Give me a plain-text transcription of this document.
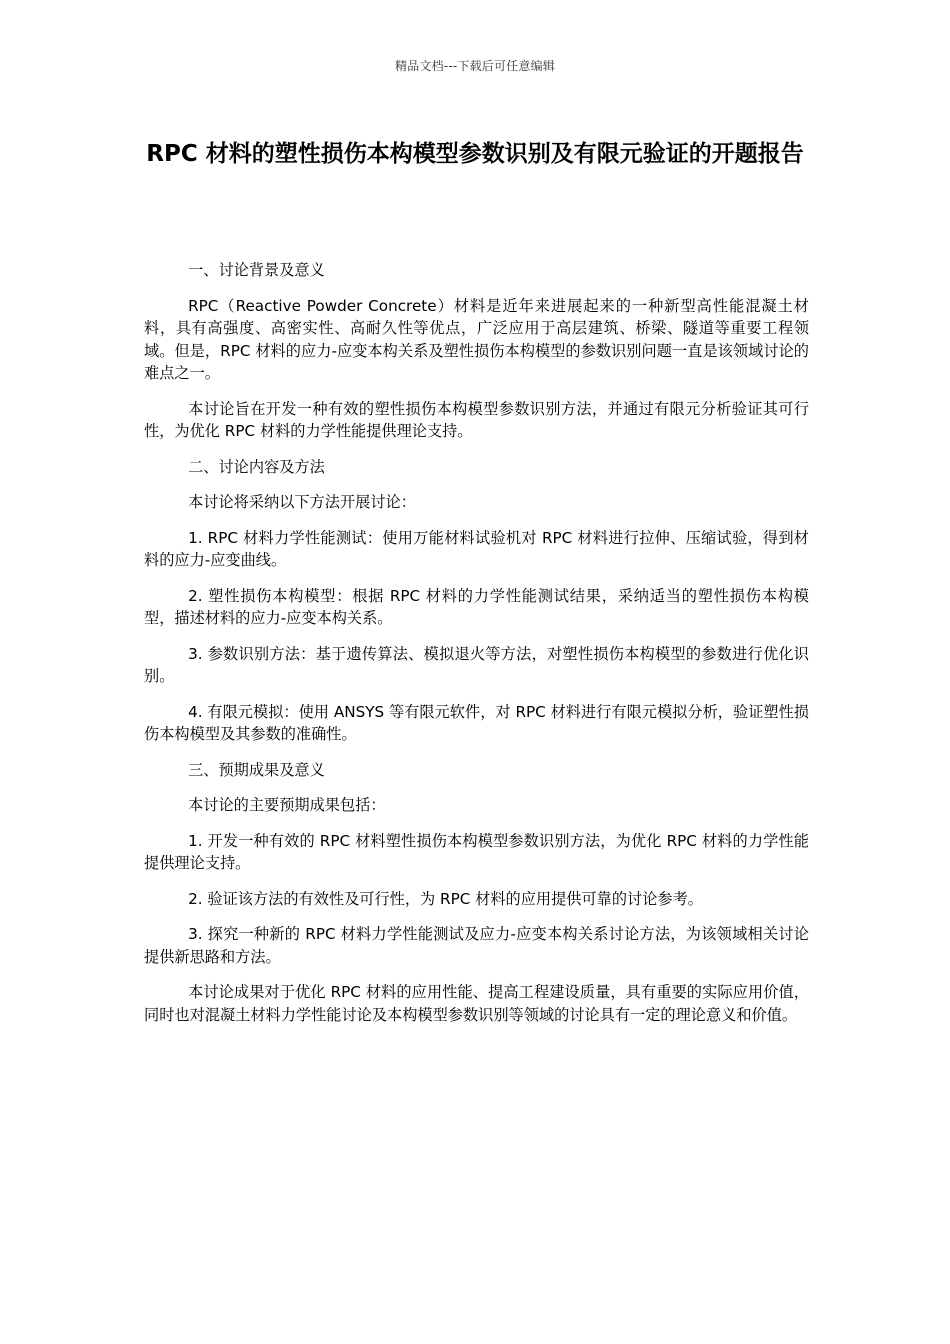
精品文档---下载后可任意编辑
RPC 材料的塑性损伤本构模型参数识别及有限元验证的开题报告

一、讨论背景及意义

RPC（Reactive Powder Concrete）材料是近年来进展起来的一种新型高性能混凝土材料，具有高强度、高密实性、高耐久性等优点，广泛应用于高层建筑、桥梁、隧道等重要工程领域。但是，RPC 材料的应力-应变本构关系及塑性损伤本构模型的参数识别问题一直是该领域讨论的难点之一。

本讨论旨在开发一种有效的塑性损伤本构模型参数识别方法，并通过有限元分析验证其可行性，为优化 RPC 材料的力学性能提供理论支持。

二、讨论内容及方法

本讨论将采纳以下方法开展讨论：

1. RPC 材料力学性能测试：使用万能材料试验机对 RPC 材料进行拉伸、压缩试验，得到材料的应力-应变曲线。

2. 塑性损伤本构模型：根据 RPC 材料的力学性能测试结果，采纳适当的塑性损伤本构模型，描述材料的应力-应变本构关系。

3. 参数识别方法：基于遗传算法、模拟退火等方法，对塑性损伤本构模型的参数进行优化识别。

4. 有限元模拟：使用 ANSYS 等有限元软件，对 RPC 材料进行有限元模拟分析，验证塑性损伤本构模型及其参数的准确性。

三、预期成果及意义

本讨论的主要预期成果包括：

1. 开发一种有效的 RPC 材料塑性损伤本构模型参数识别方法，为优化 RPC 材料的力学性能提供理论支持。

2. 验证该方法的有效性及可行性，为 RPC 材料的应用提供可靠的讨论参考。

3. 探究一种新的 RPC 材料力学性能测试及应力-应变本构关系讨论方法，为该领域相关讨论提供新思路和方法。

本讨论成果对于优化 RPC 材料的应用性能、提高工程建设质量，具有重要的实际应用价值，同时也对混凝土材料力学性能讨论及本构模型参数识别等领域的讨论具有一定的理论意义和价值。
